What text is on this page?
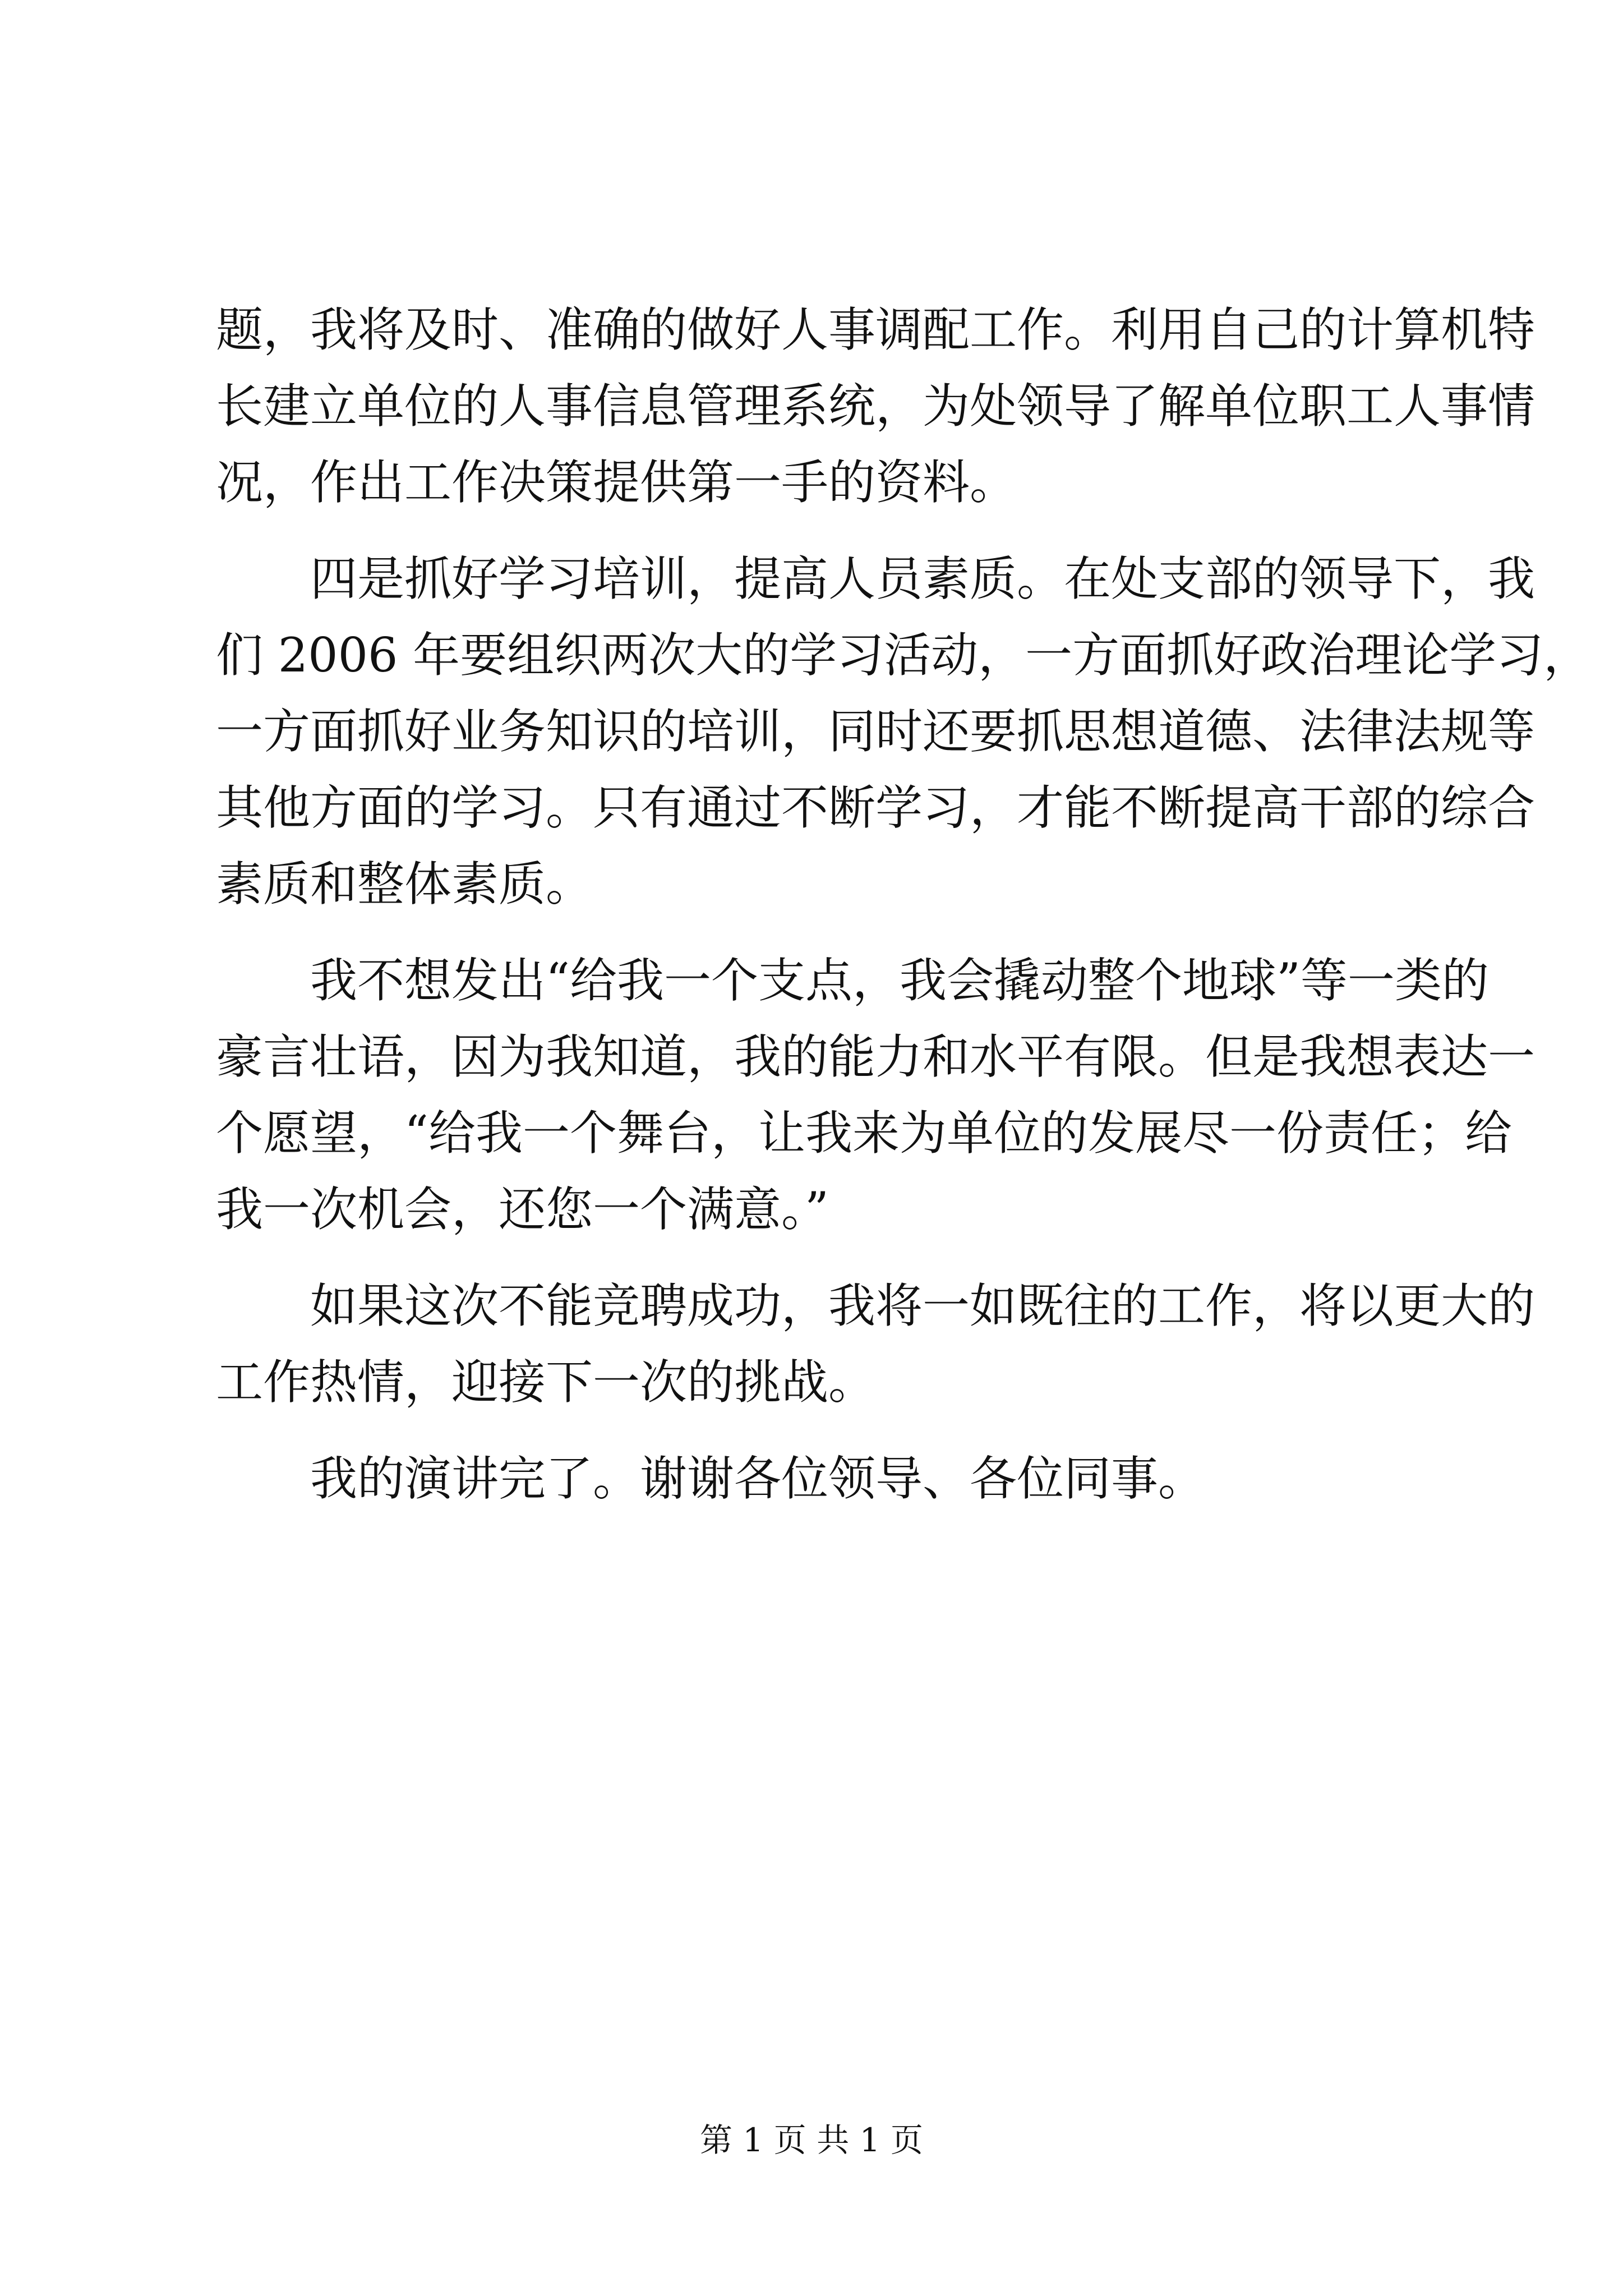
题，我将及时、准确的做好人事调配工作。利用自己的计算机特
长建立单位的人事信息管理系统，为处领导了解单位职工人事情
况，作出工作决策提供第一手的资料。
四是抓好学习培训，提高人员素质。在处支部的领导下，我
们 2006 年要组织两次大的学习活动，一方面抓好政治理论学习，
一方面抓好业务知识的培训，同时还要抓思想道德、法律法规等
其他方面的学习。只有通过不断学习，才能不断提高干部的综合
素质和整体素质。
我不想发出“给我一个支点，我会撬动整个地球”等一类的
豪言壮语，因为我知道，我的能力和水平有限。但是我想表达一
个愿望，“给我一个舞台，让我来为单位的发展尽一份责任；给
我一次机会，还您一个满意。”
如果这次不能竞聘成功，我将一如既往的工作，将以更大的
工作热情，迎接下一次的挑战。
我的演讲完了。谢谢各位领导、各位同事。
第 1 页 共 1 页
